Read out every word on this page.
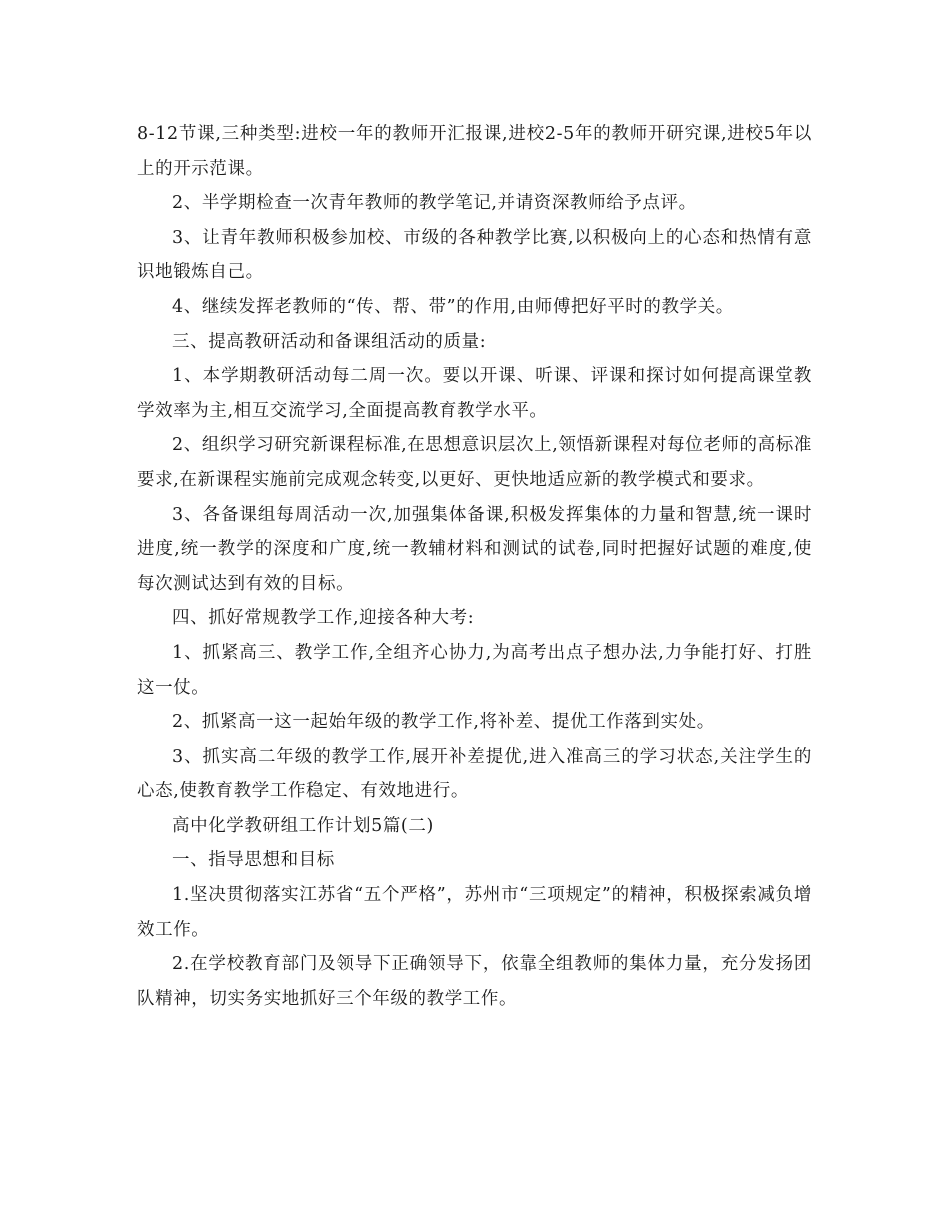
8-12节课,三种类型:进校一年的教师开汇报课,进校2-5年的教师开研究课,进校5年以上的开示范课。

2、半学期检查一次青年教师的教学笔记,并请资深教师给予点评。

3、让青年教师积极参加校、市级的各种教学比赛,以积极向上的心态和热情有意识地锻炼自己。

4、继续发挥老教师的“传、帮、带”的作用,由师傅把好平时的教学关。

三、提高教研活动和备课组活动的质量:

1、本学期教研活动每二周一次。要以开课、听课、评课和探讨如何提高课堂教学效率为主,相互交流学习,全面提高教育教学水平。

2、组织学习研究新课程标准,在思想意识层次上,领悟新课程对每位老师的高标准要求,在新课程实施前完成观念转变,以更好、更快地适应新的教学模式和要求。

3、各备课组每周活动一次,加强集体备课,积极发挥集体的力量和智慧,统一课时进度,统一教学的深度和广度,统一教辅材料和测试的试卷,同时把握好试题的难度,使每次测试达到有效的目标。

四、抓好常规教学工作,迎接各种大考:

1、抓紧高三、教学工作,全组齐心协力,为高考出点子想办法,力争能打好、打胜这一仗。

2、抓紧高一这一起始年级的教学工作,将补差、提优工作落到实处。

3、抓实高二年级的教学工作,展开补差提优,进入准高三的学习状态,关注学生的心态,使教育教学工作稳定、有效地进行。

高中化学教研组工作计划5篇(二)

一、指导思想和目标

1.坚决贯彻落实江苏省“五个严格”，苏州市“三项规定”的精神，积极探索减负增效工作。

2.在学校教育部门及领导下正确领导下，依靠全组教师的集体力量，充分发扬团队精神，切实务实地抓好三个年级的教学工作。
